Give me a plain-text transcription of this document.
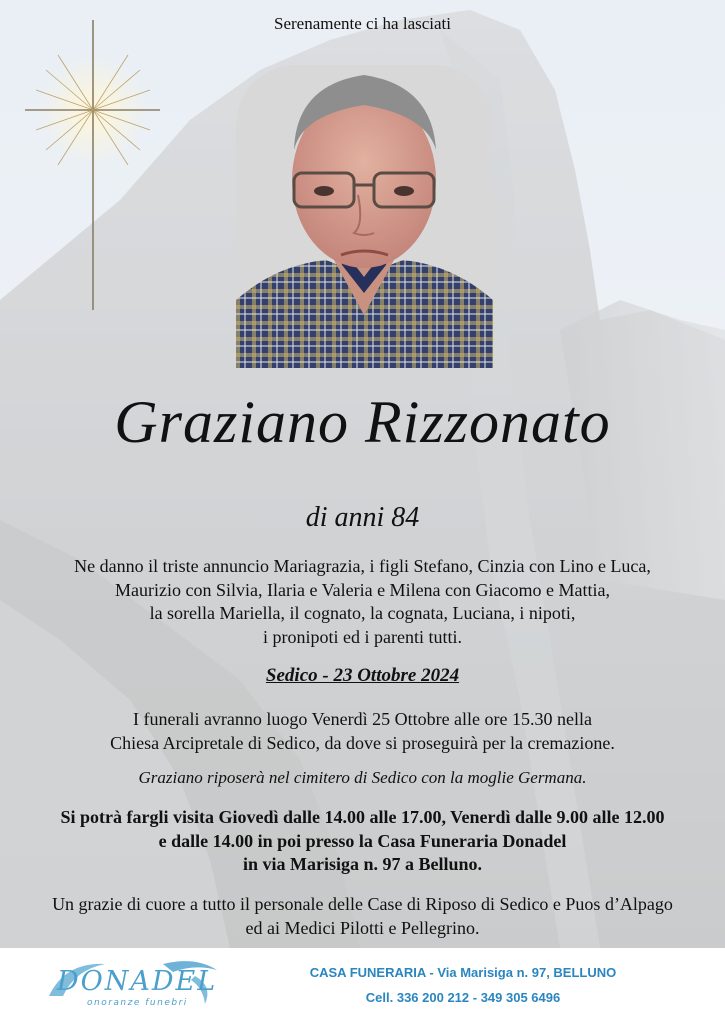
Serenamente ci ha lasciati
Graziano Rizzonato
di anni 84
Ne danno il triste annuncio Mariagrazia, i figli Stefano, Cinzia con Lino e Luca,
Maurizio con Silvia, Ilaria e Valeria e Milena con Giacomo e Mattia,
la sorella Mariella, il cognato, la cognata, Luciana, i nipoti,
i pronipoti ed i parenti tutti.
Sedico - 23 Ottobre 2024
I funerali avranno luogo Venerdì 25 Ottobre alle ore 15.30 nella
Chiesa Arcipretale di Sedico, da dove si proseguirà per la cremazione.
Graziano riposerà nel cimitero di Sedico con la moglie Germana.
Si potrà fargli visita Giovedì dalle 14.00 alle 17.00, Venerdì dalle 9.00 alle 12.00
e dalle 14.00 in poi presso la Casa Funeraria Donadel
in via Marisiga n. 97 a Belluno.
Un grazie di cuore a tutto il personale delle Case di Riposo di Sedico e Puos d’Alpago
ed ai Medici Pilotti e Pellegrino.
DONADEL
onoranze funebri
CASA FUNERARIA - Via Marisiga n. 97, BELLUNO
Cell. 336 200 212 - 349 305 6496
